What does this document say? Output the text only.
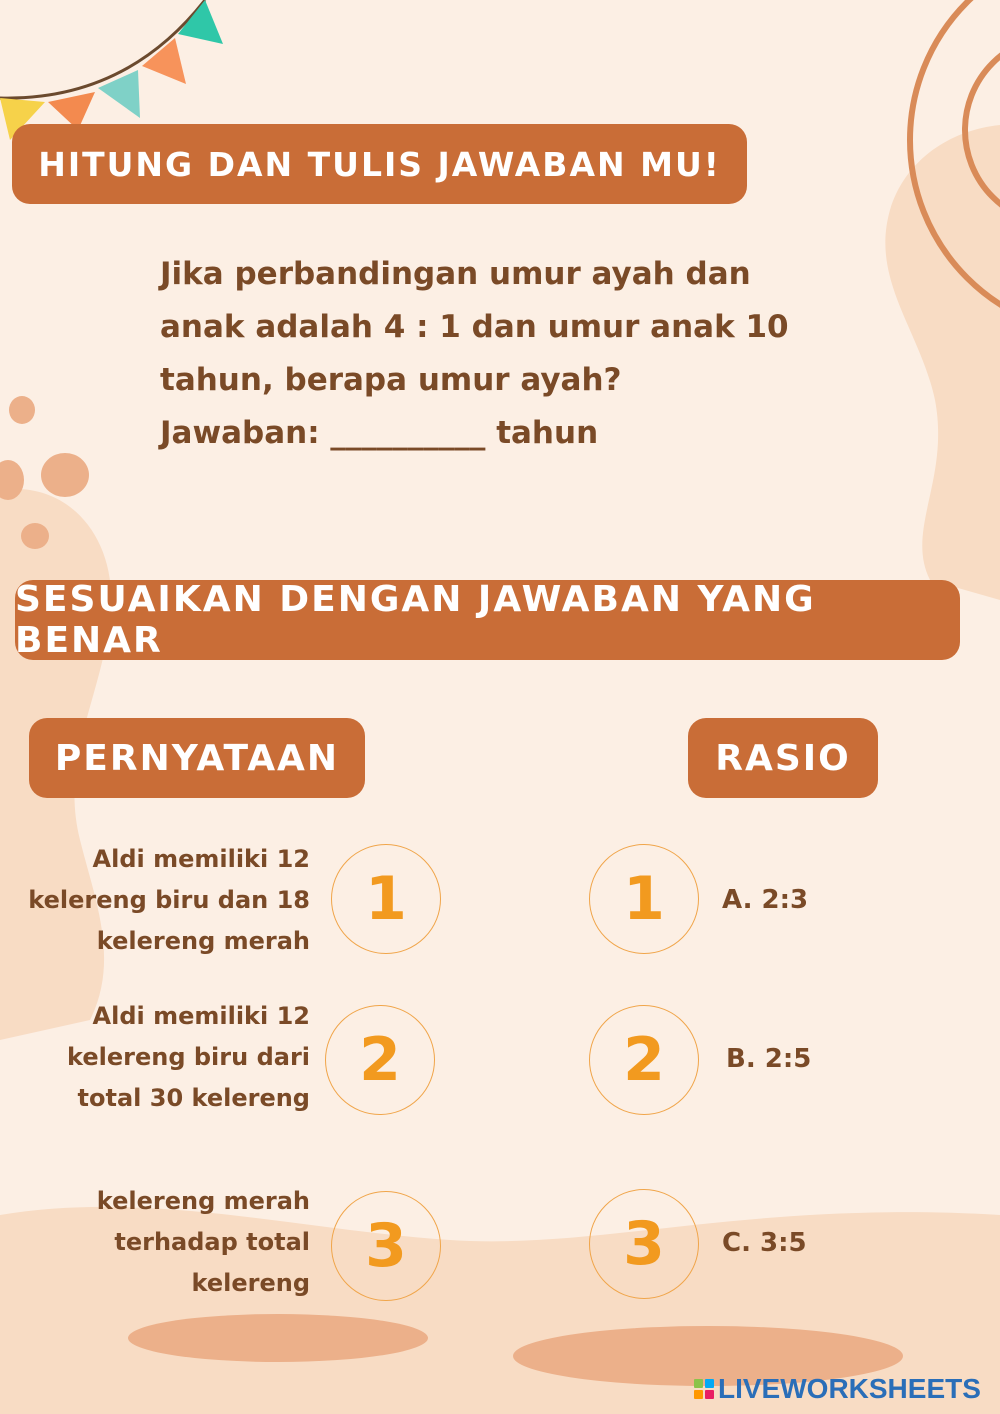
HITUNG DAN TULIS JAWABAN MU!
Jika perbandingan umur ayah dan
anak adalah 4 : 1 dan umur anak 10
tahun, berapa umur ayah?
Jawaban: __________ tahun
SESUAIKAN DENGAN JAWABAN YANG BENAR
PERNYATAAN	RASIO
Aldi memiliki 12
kelereng biru dan 18
kelereng merah
Aldi memiliki 12
kelereng biru dari
total 30 kelereng
kelereng merah
terhadap total
kelereng
1
2
3
1
2
3
A. 2:3
B. 2:5
C. 3:5
LIVEWORKSHEETS
